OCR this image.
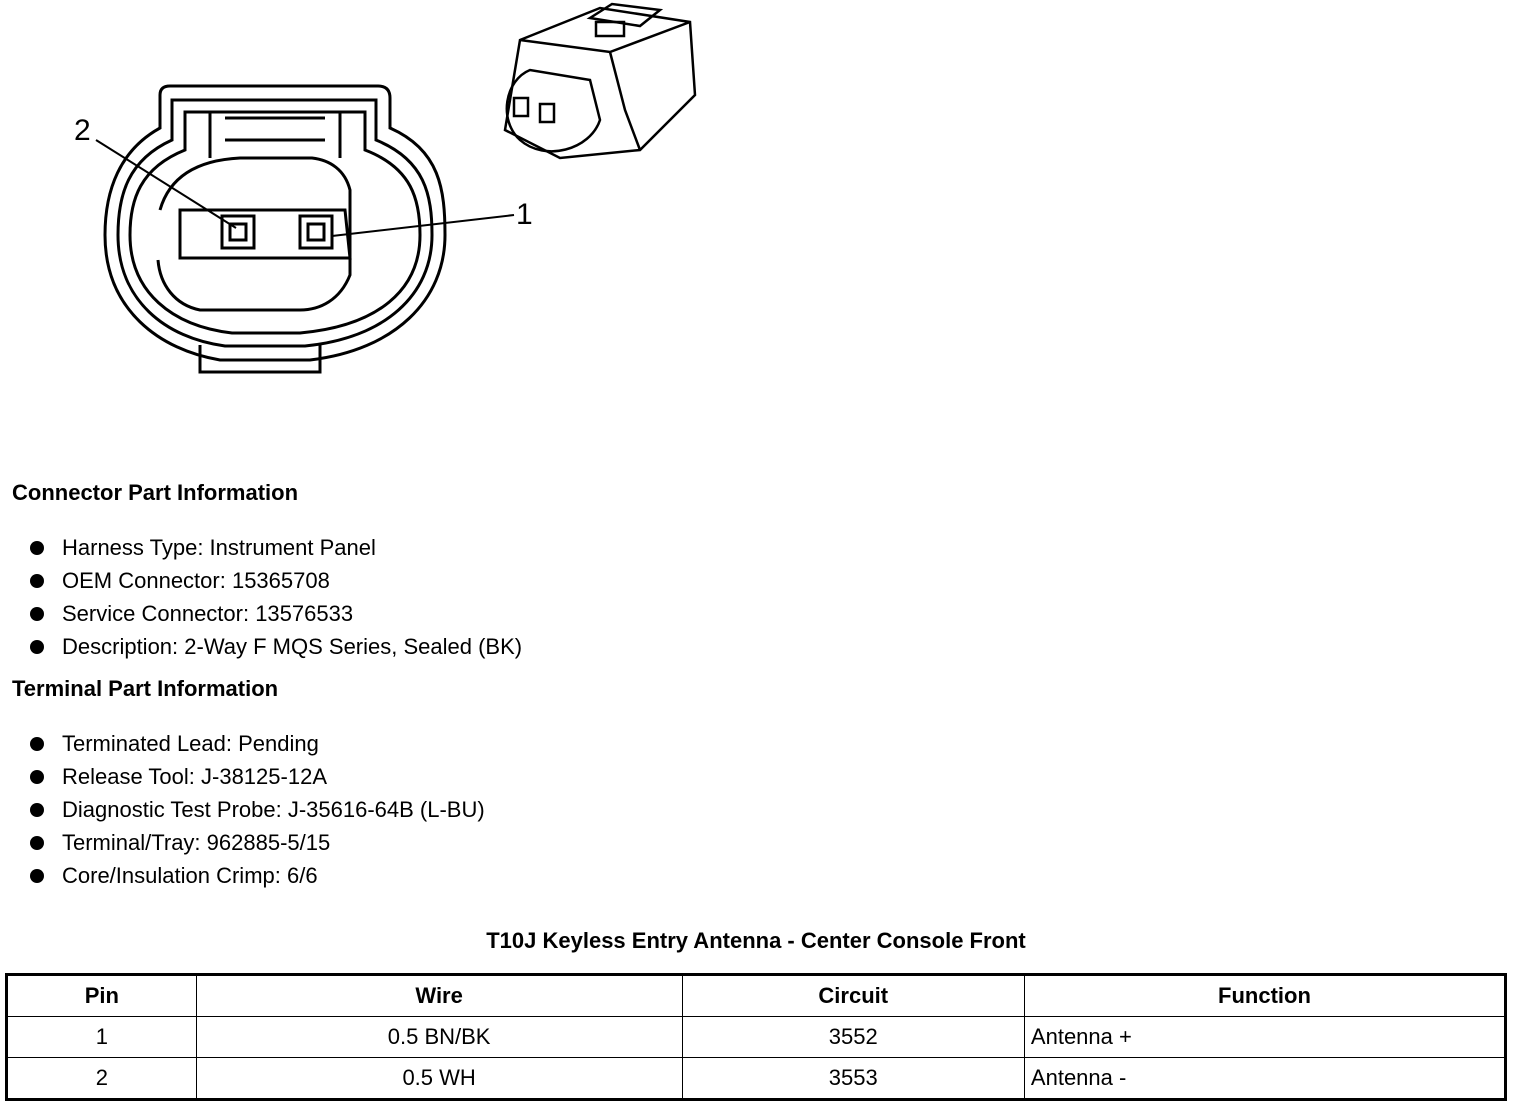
2
1
Connector Part Information
Harness Type: Instrument Panel
OEM Connector: 15365708
Service Connector: 13576533
Description: 2-Way F MQS Series, Sealed (BK)
Terminal Part Information
Terminated Lead: Pending
Release Tool: J-38125-12A
Diagnostic Test Probe: J-35616-64B (L-BU)
Terminal/Tray: 962885-5/15
Core/Insulation Crimp: 6/6
T10J Keyless Entry Antenna - Center Console Front
Pin	Wire	Circuit	Function
1	0.5 BN/BK	3552	Antenna +
2	0.5 WH	3553	Antenna -
